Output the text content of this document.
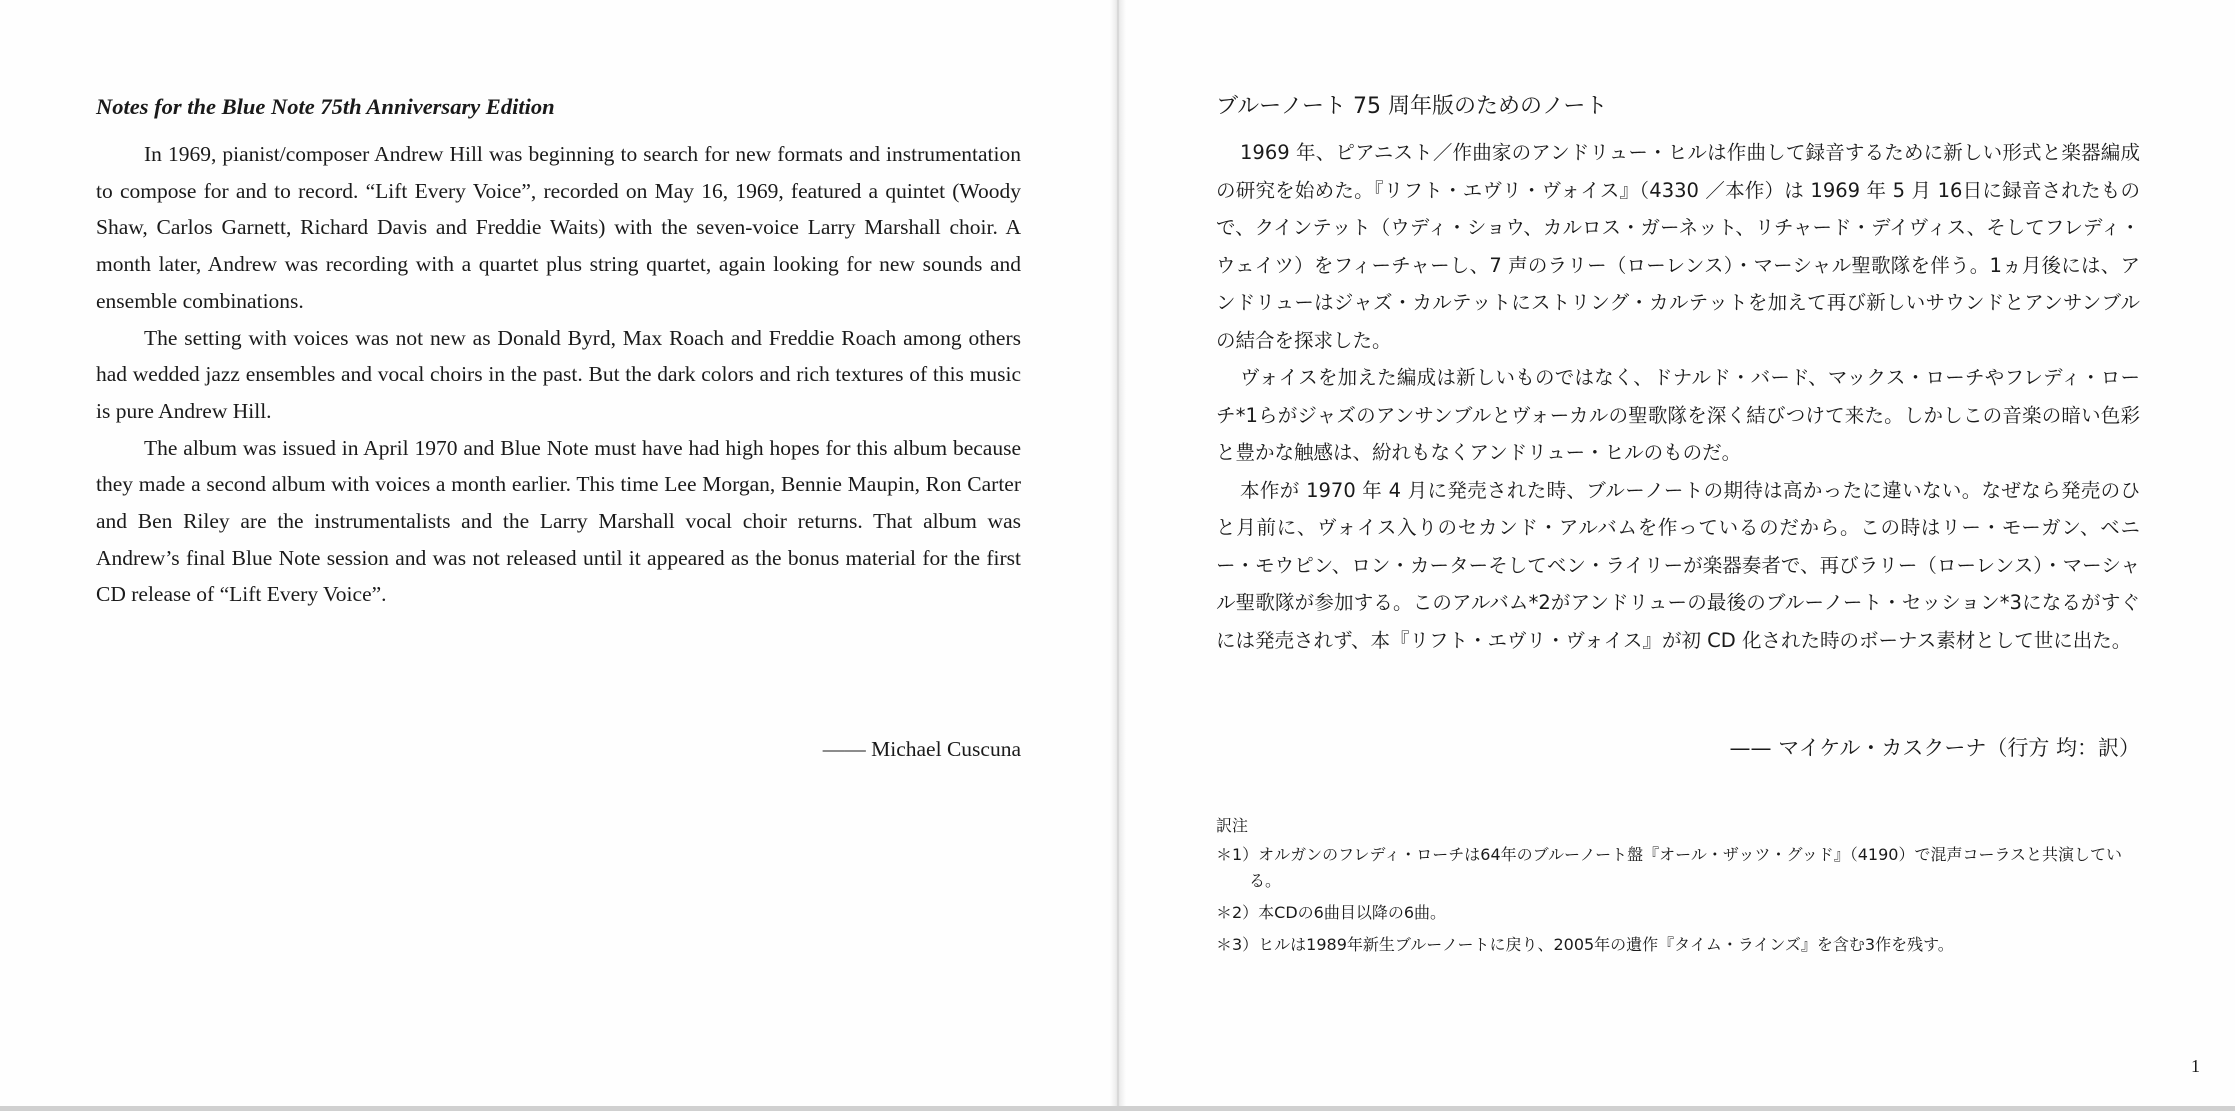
Notes for the Blue Note 75th Anniversary Edition

In 1969, pianist/composer Andrew Hill was beginning to search for new formats and instrumentation to compose for and to record. “Lift Every Voice”, recorded on May 16, 1969, featured a quintet (Woody Shaw, Carlos Garnett, Richard Davis and Freddie Waits) with the seven-voice Larry Marshall choir. A month later, Andrew was recording with a quartet plus string quartet, again looking for new sounds and ensemble combinations.

The setting with voices was not new as Donald Byrd, Max Roach and Freddie Roach among others had wedded jazz ensembles and vocal choirs in the past. But the dark colors and rich textures of this music is pure Andrew Hill.

The album was issued in April 1970 and Blue Note must have had high hopes for this album because they made a second album with voices a month earlier. This time Lee Morgan, Bennie Maupin, Ron Carter and Ben Riley are the instrumentalists and the Larry Marshall vocal choir returns. That album was Andrew’s final Blue Note session and was not released until it appeared as the bonus material for the first CD release of “Lift Every Voice”.

—— Michael Cuscuna
ブルーノート 75 周年版のためのノート

1969 年、ピアニスト／作曲家のアンドリュー・ヒルは作曲して録音するために新しい形式と楽器編成の研究を始めた。『リフト・エヴリ・ヴォイス』（4330 ／本作）は 1969 年 5 月 16日に録音されたもので、クインテット（ウディ・ショウ、カルロス・ガーネット、リチャード・デイヴィス、そしてフレディ・ウェイツ）をフィーチャーし、7 声のラリー（ローレンス）・マーシャル聖歌隊を伴う。1ヵ月後には、アンドリューはジャズ・カルテットにストリング・カルテットを加えて再び新しいサウンドとアンサンブルの結合を探求した。

ヴォイスを加えた編成は新しいものではなく、ドナルド・バード、マックス・ローチやフレディ・ローチ*1らがジャズのアンサンブルとヴォーカルの聖歌隊を深く結びつけて来た。しかしこの音楽の暗い色彩と豊かな触感は、紛れもなくアンドリュー・ヒルのものだ。

本作が 1970 年 4 月に発売された時、ブルーノートの期待は高かったに違いない。なぜなら発売のひと月前に、ヴォイス入りのセカンド・アルバムを作っているのだから。この時はリー・モーガン、ベニー・モウピン、ロン・カーターそしてベン・ライリーが楽器奏者で、再びラリー（ローレンス）・マーシャル聖歌隊が参加する。このアルバム*2がアンドリューの最後のブルーノート・セッション*3になるがすぐには発売されず、本『リフト・エヴリ・ヴォイス』が初 CD 化された時のボーナス素材として世に出た。

—— マイケル・カスクーナ（行方 均：訳）
訳注
＊1）オルガンのフレディ・ローチは64年のブルーノート盤『オール・ザッツ・グッド』（4190）で混声コーラスと共演している。
＊2）本CDの6曲目以降の6曲。
＊3）ヒルは1989年新生ブルーノートに戻り、2005年の遺作『タイム・ラインズ』を含む3作を残す。
1
